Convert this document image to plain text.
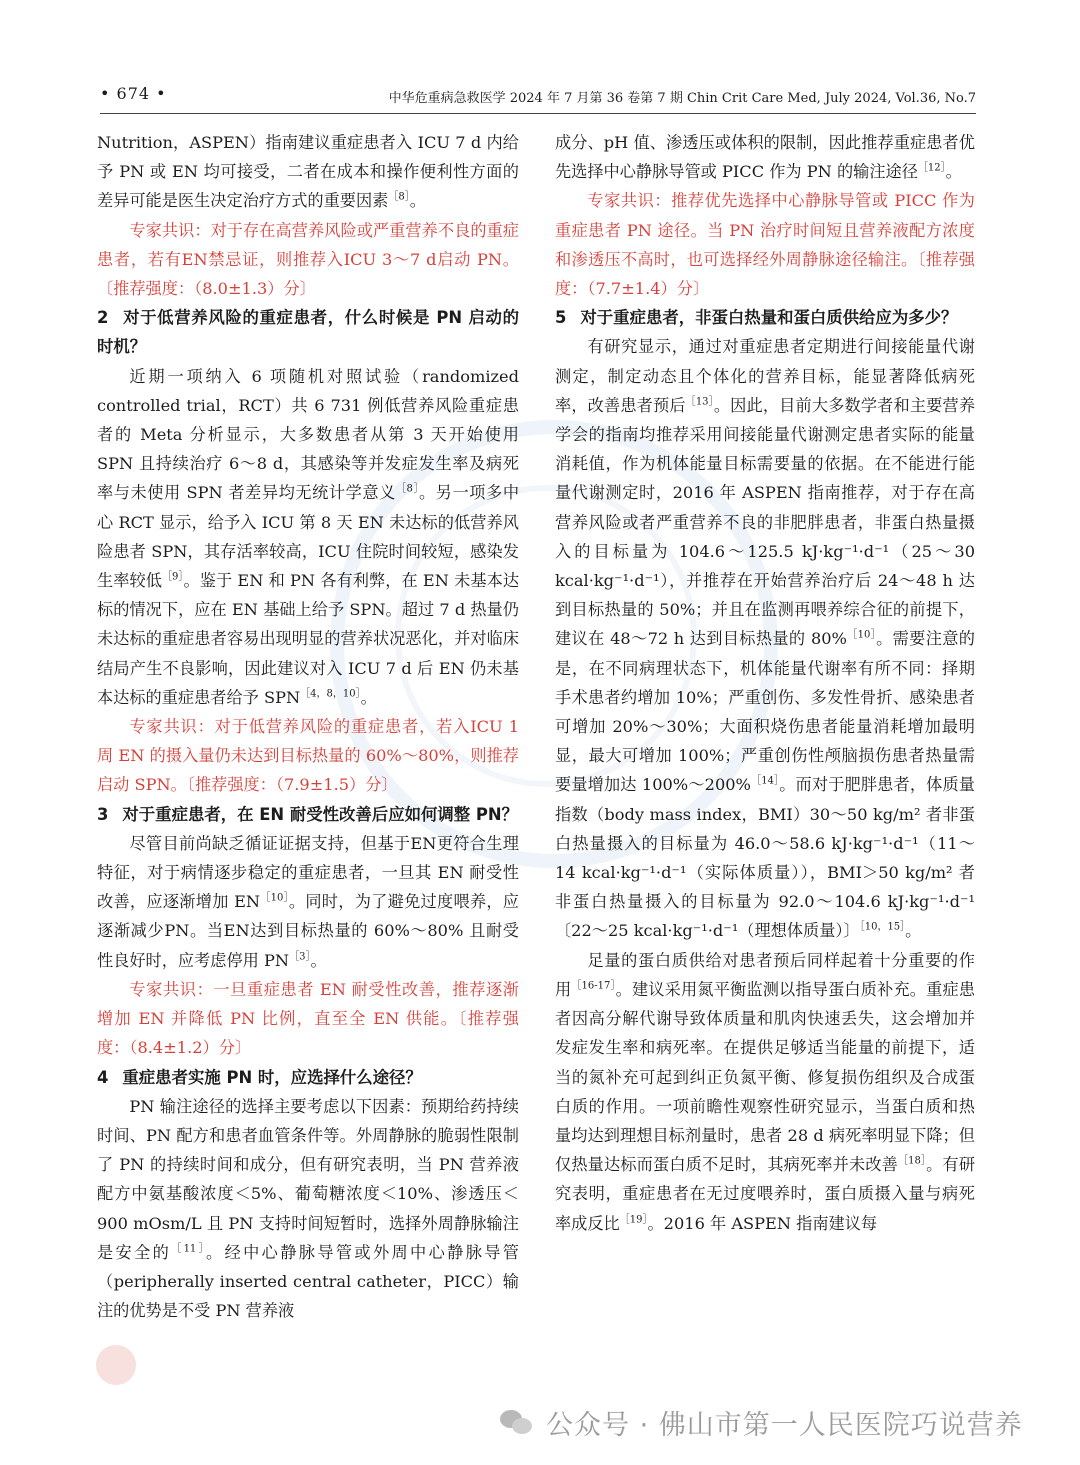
• 674 •	中华危重病急救医学 2024 年 7 月第 36 卷第 7 期 Chin Crit Care Med, July 2024, Vol.36, No.7

Nutrition，ASPEN）指南建议重症患者入 ICU 7 d 内给予 PN 或 EN 均可接受，二者在成本和操作便利性方面的差异可能是医生决定治疗方式的重要因素$^{[8]}$。

专家共识：对于存在高营养风险或严重营养不良的重症患者，若有EN禁忌证，则推荐入ICU 3～7 d启动 PN。〔推荐强度：（8.0±1.3）分〕

2 对于低营养风险的重症患者，什么时候是 PN 启动的时机？

近期一项纳入 6 项随机对照试验（randomized controlled trial，RCT）共 6 731 例低营养风险重症患者的 Meta 分析显示，大多数患者从第 3 天开始使用 SPN 且持续治疗 6～8 d，其感染等并发症发生率及病死率与未使用 SPN 者差异均无统计学意义$^{[8]}$。另一项多中心 RCT 显示，给予入 ICU 第 8 天 EN 未达标的低营养风险患者 SPN，其存活率较高，ICU 住院时间较短，感染发生率较低$^{[9]}$。鉴于 EN 和 PN 各有利弊，在 EN 未基本达标的情况下，应在 EN 基础上给予 SPN。超过 7 d 热量仍未达标的重症患者容易出现明显的营养状况恶化，并对临床结局产生不良影响，因此建议对入 ICU 7 d 后 EN 仍未基本达标的重症患者给予 $SPN^{[4,8,10]}$。

专家共识：对于低营养风险的重症患者，若入ICU 1 周 EN 的摄入量仍未达到目标热量的 60%～80%，则推荐启动 SPN。〔推荐强度：（7.9±1.5）分〕

3 对于重症患者，在 EN 耐受性改善后应如何调整 PN？

尽管目前尚缺乏循证证据支持，但基于EN更符合生理特征，对于病情逐步稳定的重症患者，一旦其 EN 耐受性改善，应逐渐增加 $EN^{[10]}$。同时，为了避免过度喂养，应逐渐减少PN。当EN达到目标热量的 60%～80% 且耐受性良好时，应考虑停用 $PN^{[3]}$。

专家共识：一旦重症患者 EN 耐受性改善，推荐逐渐增加 EN 并降低 PN 比例，直至全 EN 供能。〔推荐强度：（8.4±1.2）分〕

4 重症患者实施 PN 时，应选择什么途径？

PN 输注途径的选择主要考虑以下因素：预期给药持续时间、PN 配方和患者血管条件等。外周静脉的脆弱性限制了 PN 的持续时间和成分，但有研究表明，当 PN 营养液配方中氨基酸浓度＜5%、葡萄糖浓度＜10%、渗透压＜900 mOsm/L 且 PN 支持时间短暂时，选择外周静脉输注是安全的$^{[11]}$。经中心静脉导管或外周中心静脉导管（peripherally inserted central catheter，PICC）输注的优势是不受 PN 营养液

成分、pH 值、渗透压或体积的限制，因此推荐重症患者优先选择中心静脉导管或 PICC 作为 PN 的输注途径$^{[12]}$。

专家共识：推荐优先选择中心静脉导管或 PICC 作为重症患者 PN 途径。当 PN 治疗时间短且营养液配方浓度和渗透压不高时，也可选择经外周静脉途径输注。〔推荐强度：（7.7±1.4）分〕

5 对于重症患者，非蛋白热量和蛋白质供给应为多少？

有研究显示，通过对重症患者定期进行间接能量代谢测定，制定动态且个体化的营养目标，能显著降低病死率，改善患者预后$^{[13]}$。因此，目前大多数学者和主要营养学会的指南均推荐采用间接能量代谢测定患者实际的能量消耗值，作为机体能量目标需要量的依据。在不能进行能量代谢测定时，2016 年 ASPEN 指南推荐，对于存在高营养风险或者严重营养不良的非肥胖患者，非蛋白热量摄入的目标量为 104.6～125.5 kJ·kg⁻¹·d⁻¹（25～30 kcal·kg⁻¹·d⁻¹），并推荐在开始营养治疗后 24～48 h 达到目标热量的 50%；并且在监测再喂养综合征的前提下，建议在 48～72 h 达到目标热量的 80%$^{[10]}$。需要注意的是，在不同病理状态下，机体能量代谢率有所不同：择期手术患者约增加 10%；严重创伤、多发性骨折、感染患者可增加 20%～30%；大面积烧伤患者能量消耗增加最明显，最大可增加 100%；严重创伤性颅脑损伤患者热量需要量增加达 100%～200%$^{[14]}$。而对于肥胖患者，体质量指数（body mass index，BMI）30～50 kg/m² 者非蛋白热量摄入的目标量为 46.0～58.6 kJ·kg⁻¹·d⁻¹（11～14 kcal·kg⁻¹·d⁻¹（实际体质量）），BMI＞50 kg/m² 者非蛋白热量摄入的目标量为 92.0～104.6 kJ·kg⁻¹·d⁻¹〔22～25 kcal·kg⁻¹·d⁻¹（理想体质量）〕$^{[10,15]}$。

足量的蛋白质供给对患者预后同样起着十分重要的作用$^{[16-17]}$。建议采用氮平衡监测以指导蛋白质补充。重症患者因高分解代谢导致体质量和肌肉快速丢失，这会增加并发症发生率和病死率。在提供足够适当能量的前提下，适当的氮补充可起到纠正负氮平衡、修复损伤组织及合成蛋白质的作用。一项前瞻性观察性研究显示，当蛋白质和热量均达到理想目标剂量时，患者 28 d 病死率明显下降；但仅热量达标而蛋白质不足时，其病死率并未改善$^{[18]}$。有研究表明，重症患者在无过度喂养时，蛋白质摄入量与病死率成反比$^{[19]}$。2016 年 ASPEN 指南建议每

公众号 · 佛山市第一人民医院巧说营养
